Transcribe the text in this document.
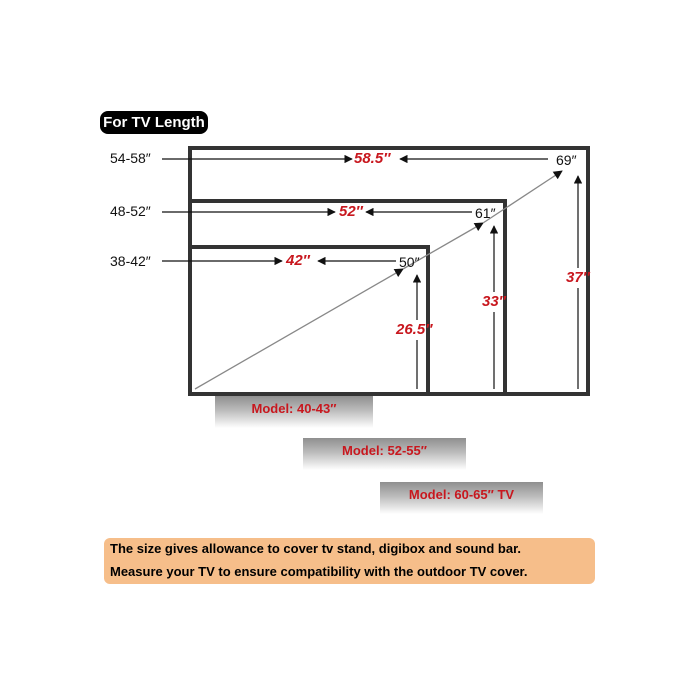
For TV Length
54-58″
48-52″
38-42″
58.5″
52″
42″
69″
61″
50″
37″
33″
26.5″
Model: 40-43″
Model: 52-55″
Model: 60-65″ TV
The size gives allowance to cover tv stand, digibox and sound bar.
Measure your TV to ensure compatibility with the outdoor TV cover.
